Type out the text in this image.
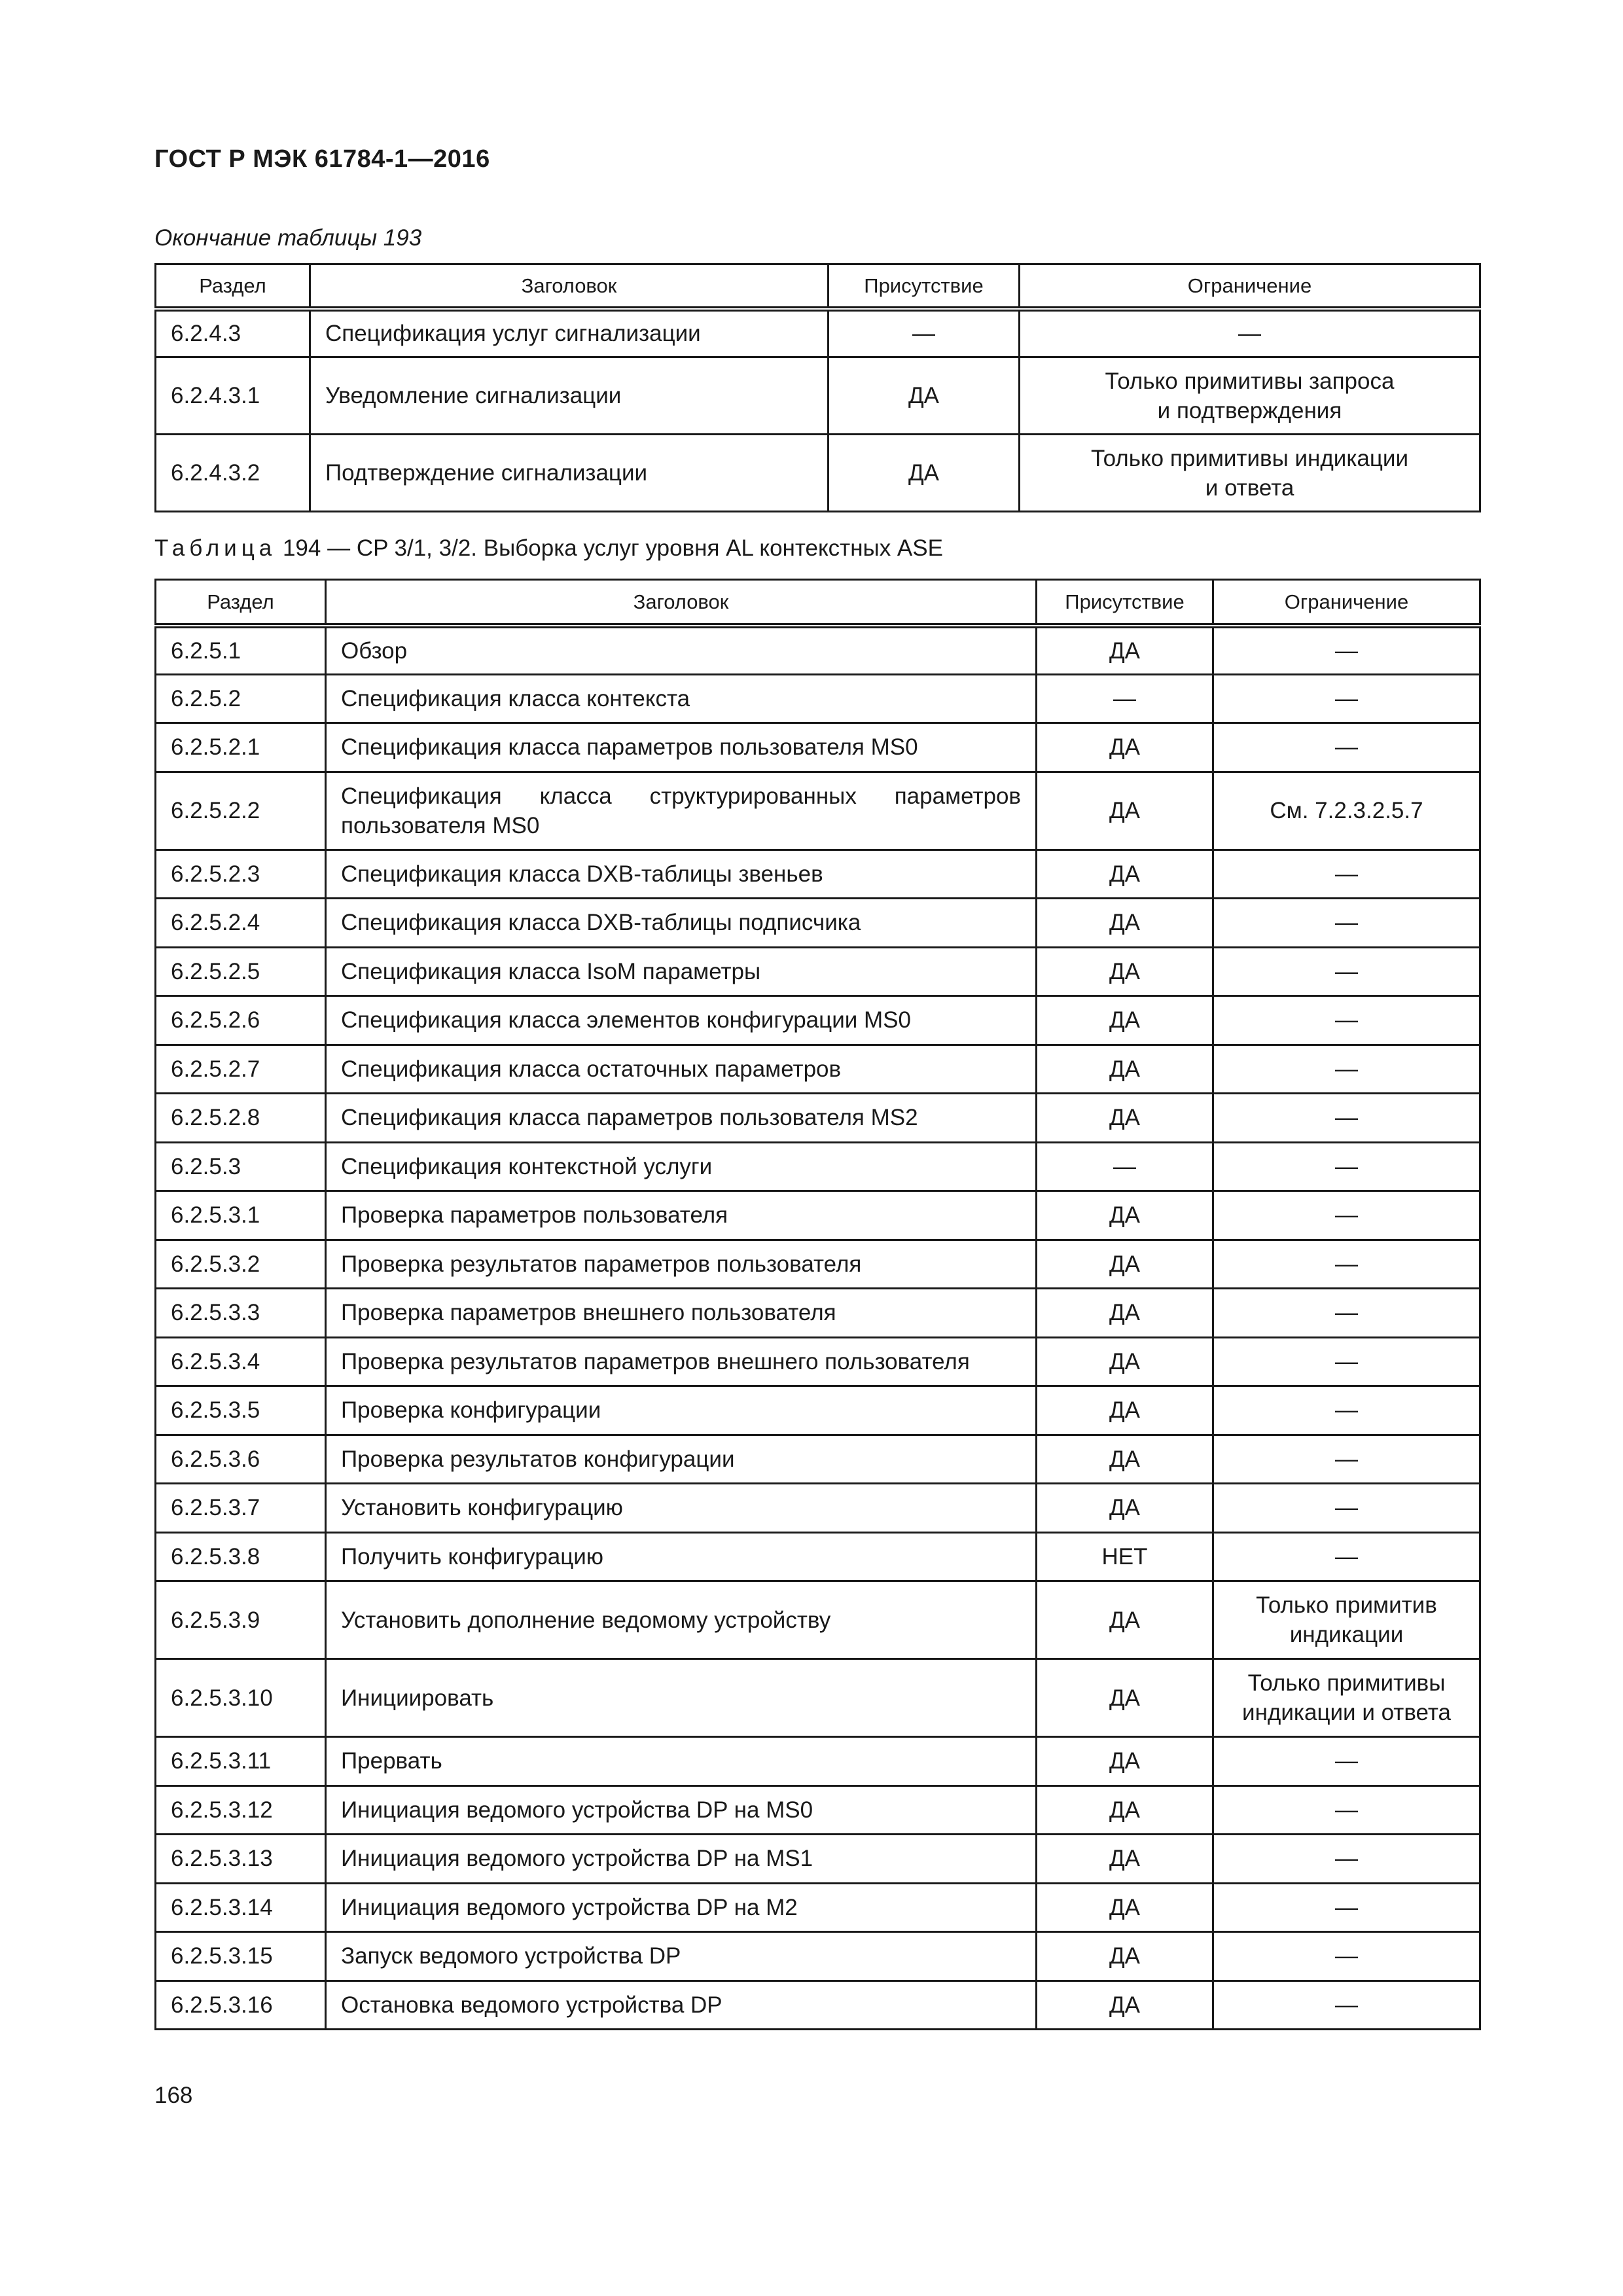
ГОСТ Р МЭК 61784-1—2016
Окончание таблицы 193
Раздел	Заголовок	Присутствие	Ограничение
6.2.4.3	Спецификация услуг сигнализации	—	—
6.2.4.3.1	Уведомление сигнализации	ДА	Только примитивы запроса
и подтверждения

6.2.4.3.2	Подтверждение сигнализации	ДА	Только примитивы индикации
и ответа
Таблица 194 — CP 3/1, 3/2. Выборка услуг уровня AL контекстных ASE
Раздел	Заголовок	Присутствие	Ограничение
6.2.5.1	Обзор	ДА	—
6.2.5.2	Спецификация класса контекста	—	—
6.2.5.2.1	Спецификация класса параметров пользователя MS0	ДА	—
6.2.5.2.2	Спецификация класса структурированных параметров пользователя MS0	ДА	См. 7.2.3.2.5.7
6.2.5.2.3	Спецификация класса DXB-таблицы звеньев	ДА	—
6.2.5.2.4	Спецификация класса DXB-таблицы подписчика	ДА	—
6.2.5.2.5	Спецификация класса IsoM параметры	ДА	—
6.2.5.2.6	Спецификация класса элементов конфигурации MS0	ДА	—
6.2.5.2.7	Спецификация класса остаточных параметров	ДА	—
6.2.5.2.8	Спецификация класса параметров пользователя MS2	ДА	—
6.2.5.3	Спецификация контекстной услуги	—	—
6.2.5.3.1	Проверка параметров пользователя	ДА	—
6.2.5.3.2	Проверка результатов параметров пользователя	ДА	—
6.2.5.3.3	Проверка параметров внешнего пользователя	ДА	—
6.2.5.3.4	Проверка результатов параметров внешнего пользователя	ДА	—
6.2.5.3.5	Проверка конфигурации	ДА	—
6.2.5.3.6	Проверка результатов конфигурации	ДА	—
6.2.5.3.7	Установить конфигурацию	ДА	—
6.2.5.3.8	Получить конфигурацию	НЕТ	—
6.2.5.3.9	Установить дополнение ведомому устройству	ДА	Только примитив
индикации

6.2.5.3.10	Инициировать	ДА	Только примитивы
индикации и ответа

6.2.5.3.11	Прервать	ДА	—
6.2.5.3.12	Инициация ведомого устройства DP на MS0	ДА	—
6.2.5.3.13	Инициация ведомого устройства DP на MS1	ДА	—
6.2.5.3.14	Инициация ведомого устройства DP на M2	ДА	—
6.2.5.3.15	Запуск ведомого устройства DP	ДА	—
6.2.5.3.16	Остановка ведомого устройства DP	ДА	—
168
